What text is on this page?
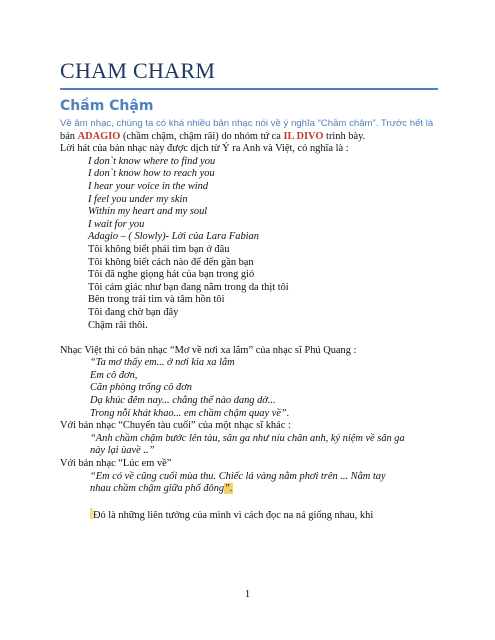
CHAM CHARM
Chầm Chậm
Về âm nhạc, chúng ta có khá nhiều bản nhạc nói về ý nghĩa “Chầm chậm”. Trước hết là
bản ADAGIO (chầm chậm, chậm rãi) do nhóm tứ ca IL DIVO trình bày.
Lời hát của bản nhạc này được dịch từ Ý ra Anh và Việt, có nghĩa là :
I don`t know where to find you
I don`t know how to reach you
I hear your voice in the wind
I feel you under my skin
Within my heart and my soul
I wait for you
Adagio – ( Slowly)- Lời của Lara Fabian
Tôi không biết phải tìm bạn ở đâu
Tôi không biết cách nào để đến gần bạn
Tôi đã nghe giọng hát của bạn trong gió
Tôi cảm giác như bạn đang nằm trong da thịt tôi
Bên trong trái tim và tâm hồn tôi
Tôi đang chờ bạn đây
Chậm rãi thôi.
Nhạc Việt thì có bản nhạc “Mơ về nơi xa lắm” của nhạc sĩ Phú Quang :
“Ta mơ thấy em... ở nơi kia xa lắm
Em cô đơn,
Căn phòng trống cô đơn
Dạ khúc đêm nay... chẳng thể nào dang dở...
Trong nỗi khát khao... em chầm chậm quay về”.
Với bản nhạc “Chuyến tàu cuối” của một nhạc sĩ khác :
“Anh chầm chậm bước lên tàu, sân ga như níu chân anh, kỷ niệm về sân ga
này lại ùavề ..”
Với bản nhạc “Lúc em về”
“Em có về cũng cuối mùa thu. Chiếc lá vàng nằm phơi trên ... Nằm tay
nhau chầm chậm giữa phố đông”.
Đó là những liên tưởng của mình vì cách đọc na ná giống nhau, khi
1
